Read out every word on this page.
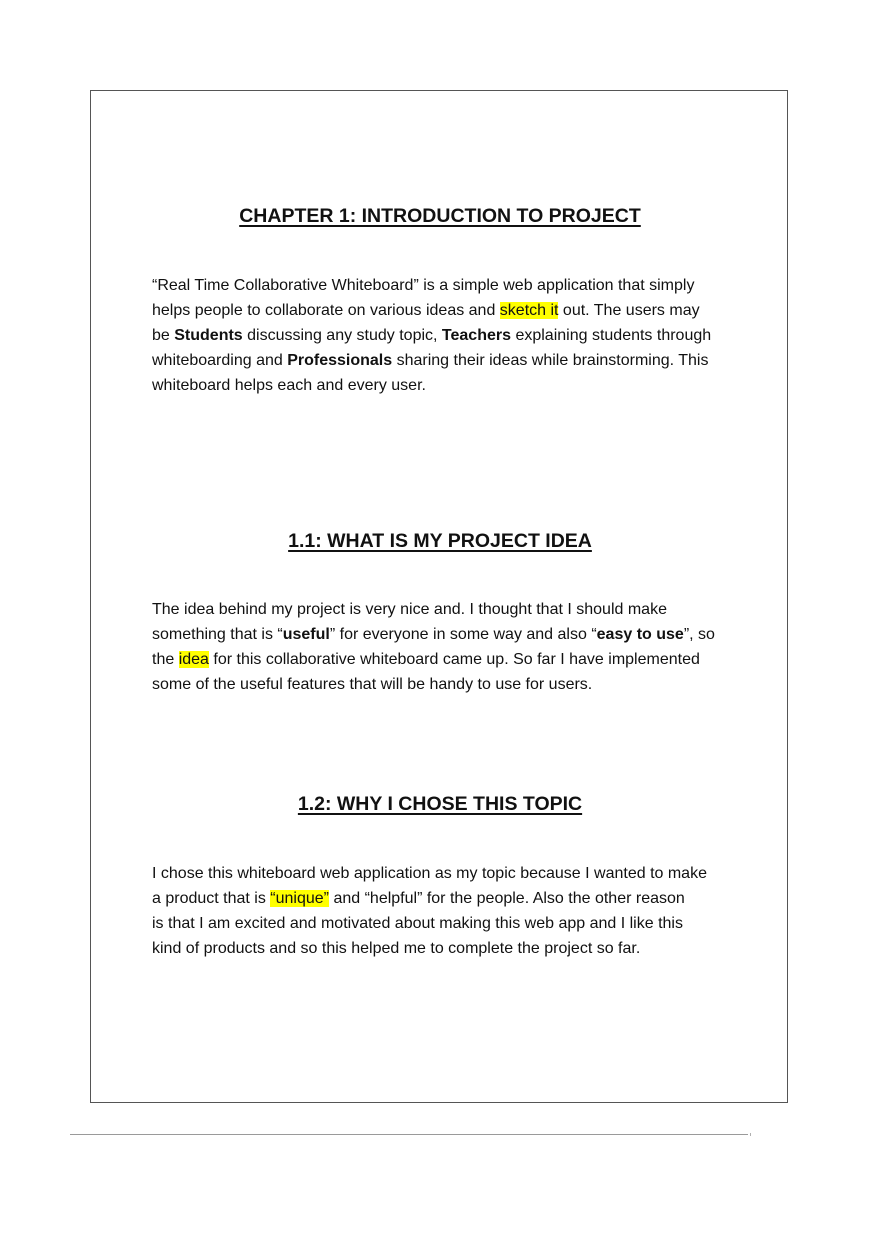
CHAPTER 1: INTRODUCTION TO PROJECT
“Real Time Collaborative Whiteboard” is a simple web application that simply
helps people to collaborate on various ideas and sketch it out. The users may
be Students discussing any study topic, Teachers explaining students through
whiteboarding and Professionals sharing their ideas while brainstorming. This
whiteboard helps each and every user.
1.1: WHAT IS MY PROJECT IDEA
The idea behind my project is very nice and. I thought that I should make
something that is “useful” for everyone in some way and also “easy to use”, so
the idea for this collaborative whiteboard came up. So far I have implemented
some of the useful features that will be handy to use for users.
1.2: WHY I CHOSE THIS TOPIC
I chose this whiteboard web application as my topic because I wanted to make
a product that is “unique” and “helpful” for the people. Also the other reason
is that I am excited and motivated about making this web app and I like this
kind of products and so this helped me to complete the project so far.
